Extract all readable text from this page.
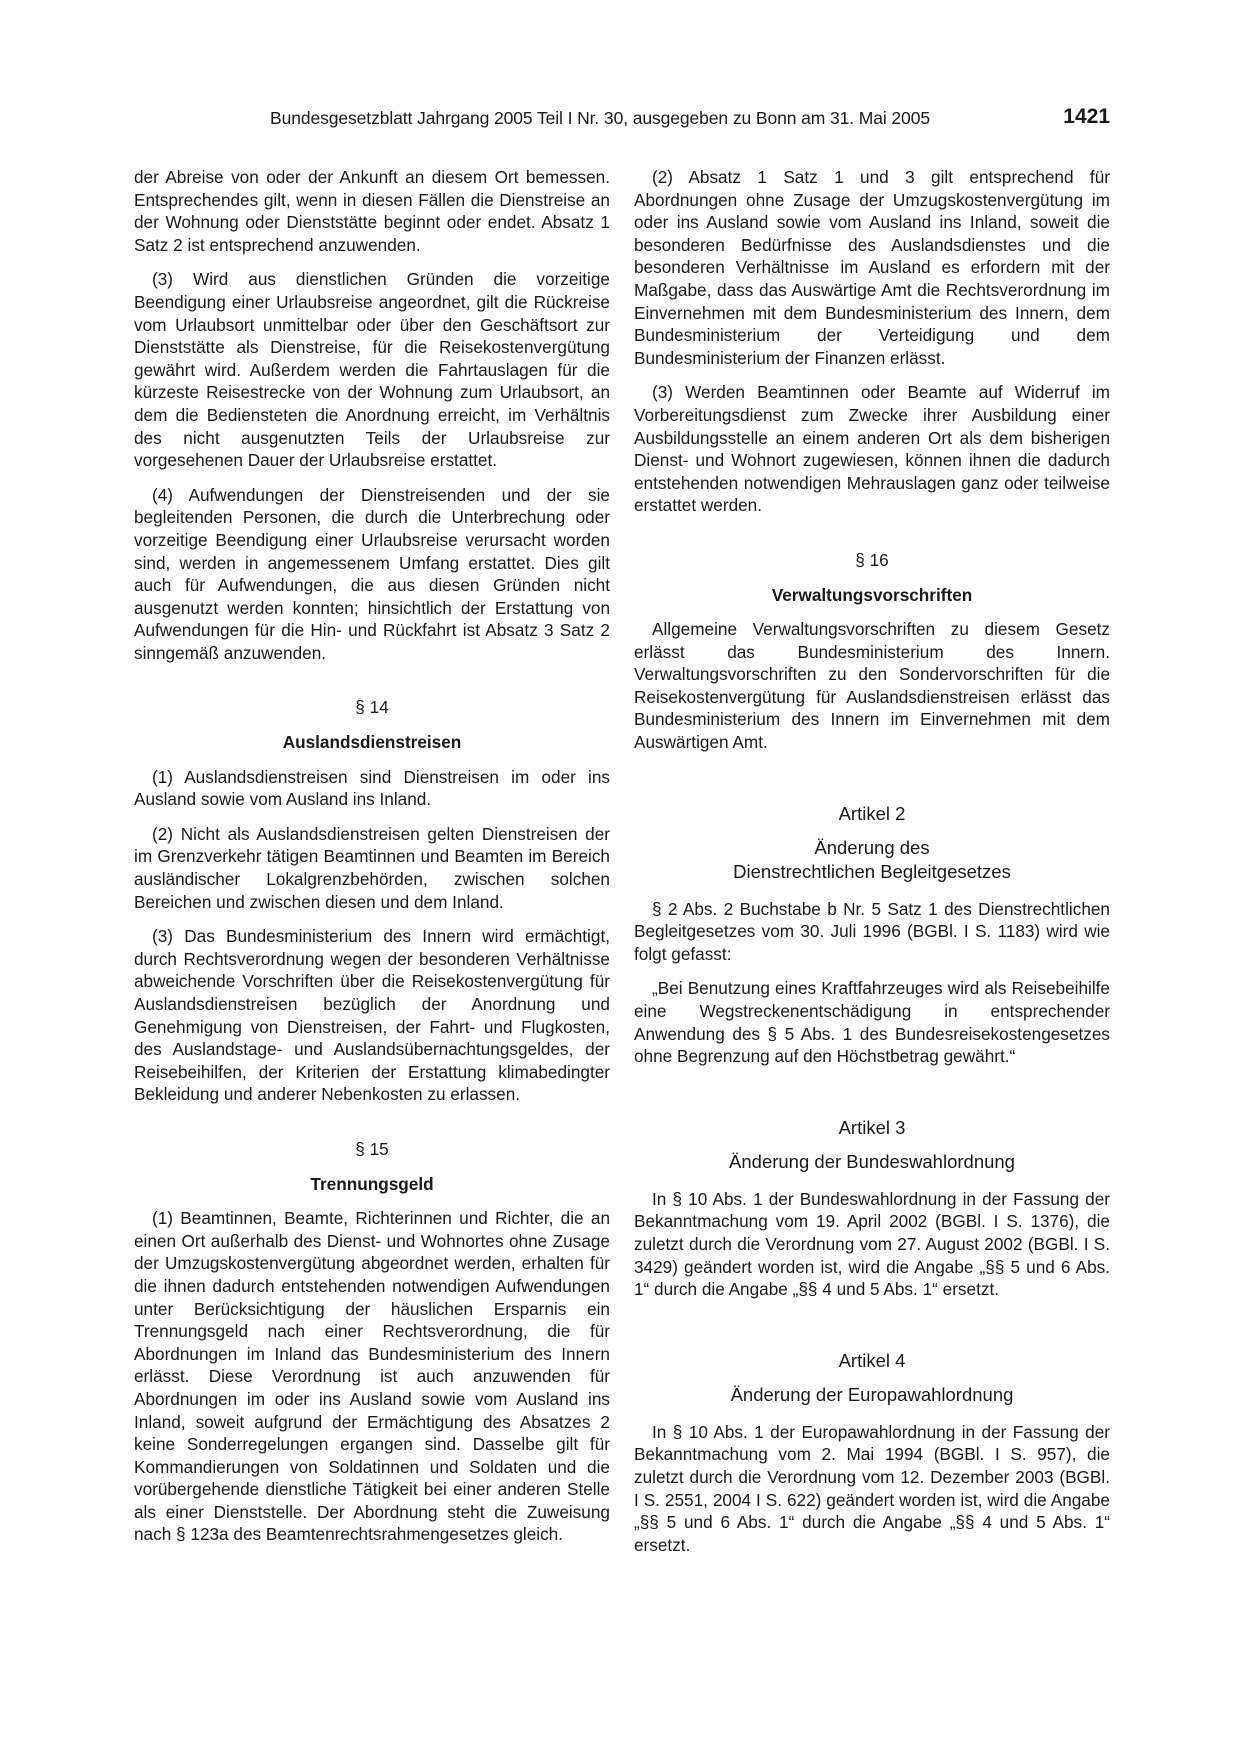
Bundesgesetzblatt Jahrgang 2005 Teil I Nr. 30, ausgegeben zu Bonn am 31. Mai 2005	1421

der Abreise von oder der Ankunft an diesem Ort bemessen. Entsprechendes gilt, wenn in diesen Fällen die Dienstreise an der Wohnung oder Dienststätte beginnt oder endet. Absatz 1 Satz 2 ist entsprechend anzuwenden.

(3) Wird aus dienstlichen Gründen die vorzeitige Beendigung einer Urlaubsreise angeordnet, gilt die Rückreise vom Urlaubsort unmittelbar oder über den Geschäftsort zur Dienststätte als Dienstreise, für die Reisekostenvergütung gewährt wird. Außerdem werden die Fahrtauslagen für die kürzeste Reisestrecke von der Wohnung zum Urlaubsort, an dem die Bediensteten die Anordnung erreicht, im Verhältnis des nicht ausgenutzten Teils der Urlaubsreise zur vorgesehenen Dauer der Urlaubsreise erstattet.

(4) Aufwendungen der Dienstreisenden und der sie begleitenden Personen, die durch die Unterbrechung oder vorzeitige Beendigung einer Urlaubsreise verursacht worden sind, werden in angemessenem Umfang erstattet. Dies gilt auch für Aufwendungen, die aus diesen Gründen nicht ausgenutzt werden konnten; hinsichtlich der Erstattung von Aufwendungen für die Hin- und Rückfahrt ist Absatz 3 Satz 2 sinngemäß anzuwenden.

§ 14
Auslandsdienstreisen

(1) Auslandsdienstreisen sind Dienstreisen im oder ins Ausland sowie vom Ausland ins Inland.

(2) Nicht als Auslandsdienstreisen gelten Dienstreisen der im Grenzverkehr tätigen Beamtinnen und Beamten im Bereich ausländischer Lokalgrenzbehörden, zwischen solchen Bereichen und zwischen diesen und dem Inland.

(3) Das Bundesministerium des Innern wird ermächtigt, durch Rechtsverordnung wegen der besonderen Verhältnisse abweichende Vorschriften über die Reisekostenvergütung für Auslandsdienstreisen bezüglich der Anordnung und Genehmigung von Dienstreisen, der Fahrt- und Flugkosten, des Auslandstage- und Auslandsübernachtungsgeldes, der Reisebeihilfen, der Kriterien der Erstattung klimabedingter Bekleidung und anderer Nebenkosten zu erlassen.

§ 15
Trennungsgeld

(1) Beamtinnen, Beamte, Richterinnen und Richter, die an einen Ort außerhalb des Dienst- und Wohnortes ohne Zusage der Umzugskostenvergütung abgeordnet werden, erhalten für die ihnen dadurch entstehenden notwendigen Aufwendungen unter Berücksichtigung der häuslichen Ersparnis ein Trennungsgeld nach einer Rechtsverordnung, die für Abordnungen im Inland das Bundesministerium des Innern erlässt. Diese Verordnung ist auch anzuwenden für Abordnungen im oder ins Ausland sowie vom Ausland ins Inland, soweit aufgrund der Ermächtigung des Absatzes 2 keine Sonderregelungen ergangen sind. Dasselbe gilt für Kommandierungen von Soldatinnen und Soldaten und die vorübergehende dienstliche Tätigkeit bei einer anderen Stelle als einer Dienststelle. Der Abordnung steht die Zuweisung nach § 123a des Beamtenrechtsrahmengesetzes gleich.

(2) Absatz 1 Satz 1 und 3 gilt entsprechend für Abordnungen ohne Zusage der Umzugskostenvergütung im oder ins Ausland sowie vom Ausland ins Inland, soweit die besonderen Bedürfnisse des Auslandsdienstes und die besonderen Verhältnisse im Ausland es erfordern mit der Maßgabe, dass das Auswärtige Amt die Rechtsverordnung im Einvernehmen mit dem Bundesministerium des Innern, dem Bundesministerium der Verteidigung und dem Bundesministerium der Finanzen erlässt.

(3) Werden Beamtinnen oder Beamte auf Widerruf im Vorbereitungsdienst zum Zwecke ihrer Ausbildung einer Ausbildungsstelle an einem anderen Ort als dem bisherigen Dienst- und Wohnort zugewiesen, können ihnen die dadurch entstehenden notwendigen Mehrauslagen ganz oder teilweise erstattet werden.

§ 16
Verwaltungsvorschriften

Allgemeine Verwaltungsvorschriften zu diesem Gesetz erlässt das Bundesministerium des Innern. Verwaltungsvorschriften zu den Sondervorschriften für die Reisekostenvergütung für Auslandsdienstreisen erlässt das Bundesministerium des Innern im Einvernehmen mit dem Auswärtigen Amt.

Artikel 2
Änderung des
Dienstrechtlichen Begleitgesetzes

§ 2 Abs. 2 Buchstabe b Nr. 5 Satz 1 des Dienstrechtlichen Begleitgesetzes vom 30. Juli 1996 (BGBl. I S. 1183) wird wie folgt gefasst:

„Bei Benutzung eines Kraftfahrzeuges wird als Reisebeihilfe eine Wegstreckenentschädigung in entsprechender Anwendung des § 5 Abs. 1 des Bundesreisekostengesetzes ohne Begrenzung auf den Höchstbetrag gewährt.“

Artikel 3
Änderung der Bundeswahlordnung

In § 10 Abs. 1 der Bundeswahlordnung in der Fassung der Bekanntmachung vom 19. April 2002 (BGBl. I S. 1376), die zuletzt durch die Verordnung vom 27. August 2002 (BGBl. I S. 3429) geändert worden ist, wird die Angabe „§§ 5 und 6 Abs. 1“ durch die Angabe „§§ 4 und 5 Abs. 1“ ersetzt.

Artikel 4
Änderung der Europawahlordnung

In § 10 Abs. 1 der Europawahlordnung in der Fassung der Bekanntmachung vom 2. Mai 1994 (BGBl. I S. 957), die zuletzt durch die Verordnung vom 12. Dezember 2003 (BGBl. I S. 2551, 2004 I S. 622) geändert worden ist, wird die Angabe „§§ 5 und 6 Abs. 1“ durch die Angabe „§§ 4 und 5 Abs. 1“ ersetzt.
